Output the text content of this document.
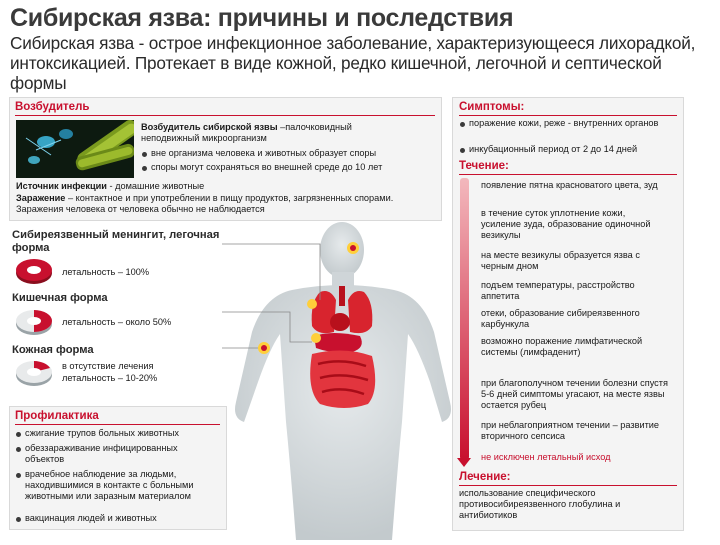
Сибирская язва: причины и последствия
Сибирская язва - острое инфекционное заболевание, характеризующееся лихорадкой, интоксикацией. Протекает в виде кожной, редко кишечной, легочной и септической формы
Возбудитель
Возбудитель сибирской язвы –палочковидный неподвижный микроорганизм
вне организма человека и животных образует споры
споры могут сохраняться во внешней среде до 10 лет
Источник инфекции - домашние животные
Заражение – контактное и при употреблении в пищу продуктов, загрязненных спорами. Заражения человека от человека обычно не наблюдается
Сибиреязвенный менингит, легочная форма
летальность – 100%
Кишечная форма
летальность – около 50%
Кожная форма
в отсутствие лечения
летальность – 10-20%
Профилактика
сжигание трупов больных животных
обеззараживание инфицированных объектов
врачебное наблюдение за людьми, находившимися в контакте с больными животными или заразным материалом
вакцинация людей и животных
Симптомы:
поражение кожи, реже - внутренних органов
инкубационный период от 2 до 14 дней
Течение:
появление пятна красноватого цвета, зуд
в течение суток уплотнение кожи, усиление зуда, образование одиночной везикулы
на месте везикулы образуется язва с черным дном
подъем температуры, расстройство аппетита
отеки, образование сибиреязвенного карбункула
возможно поражение лимфатической системы (лимфаденит)
при благополучном течении болезни спустя 5-6 дней симптомы угасают, на месте язвы остается рубец
при неблагоприятном течении – развитие вторичного сепсиса
не исключен летальный исход
Лечение:
использование специфического противосибиреязвенного глобулина и антибиотиков
